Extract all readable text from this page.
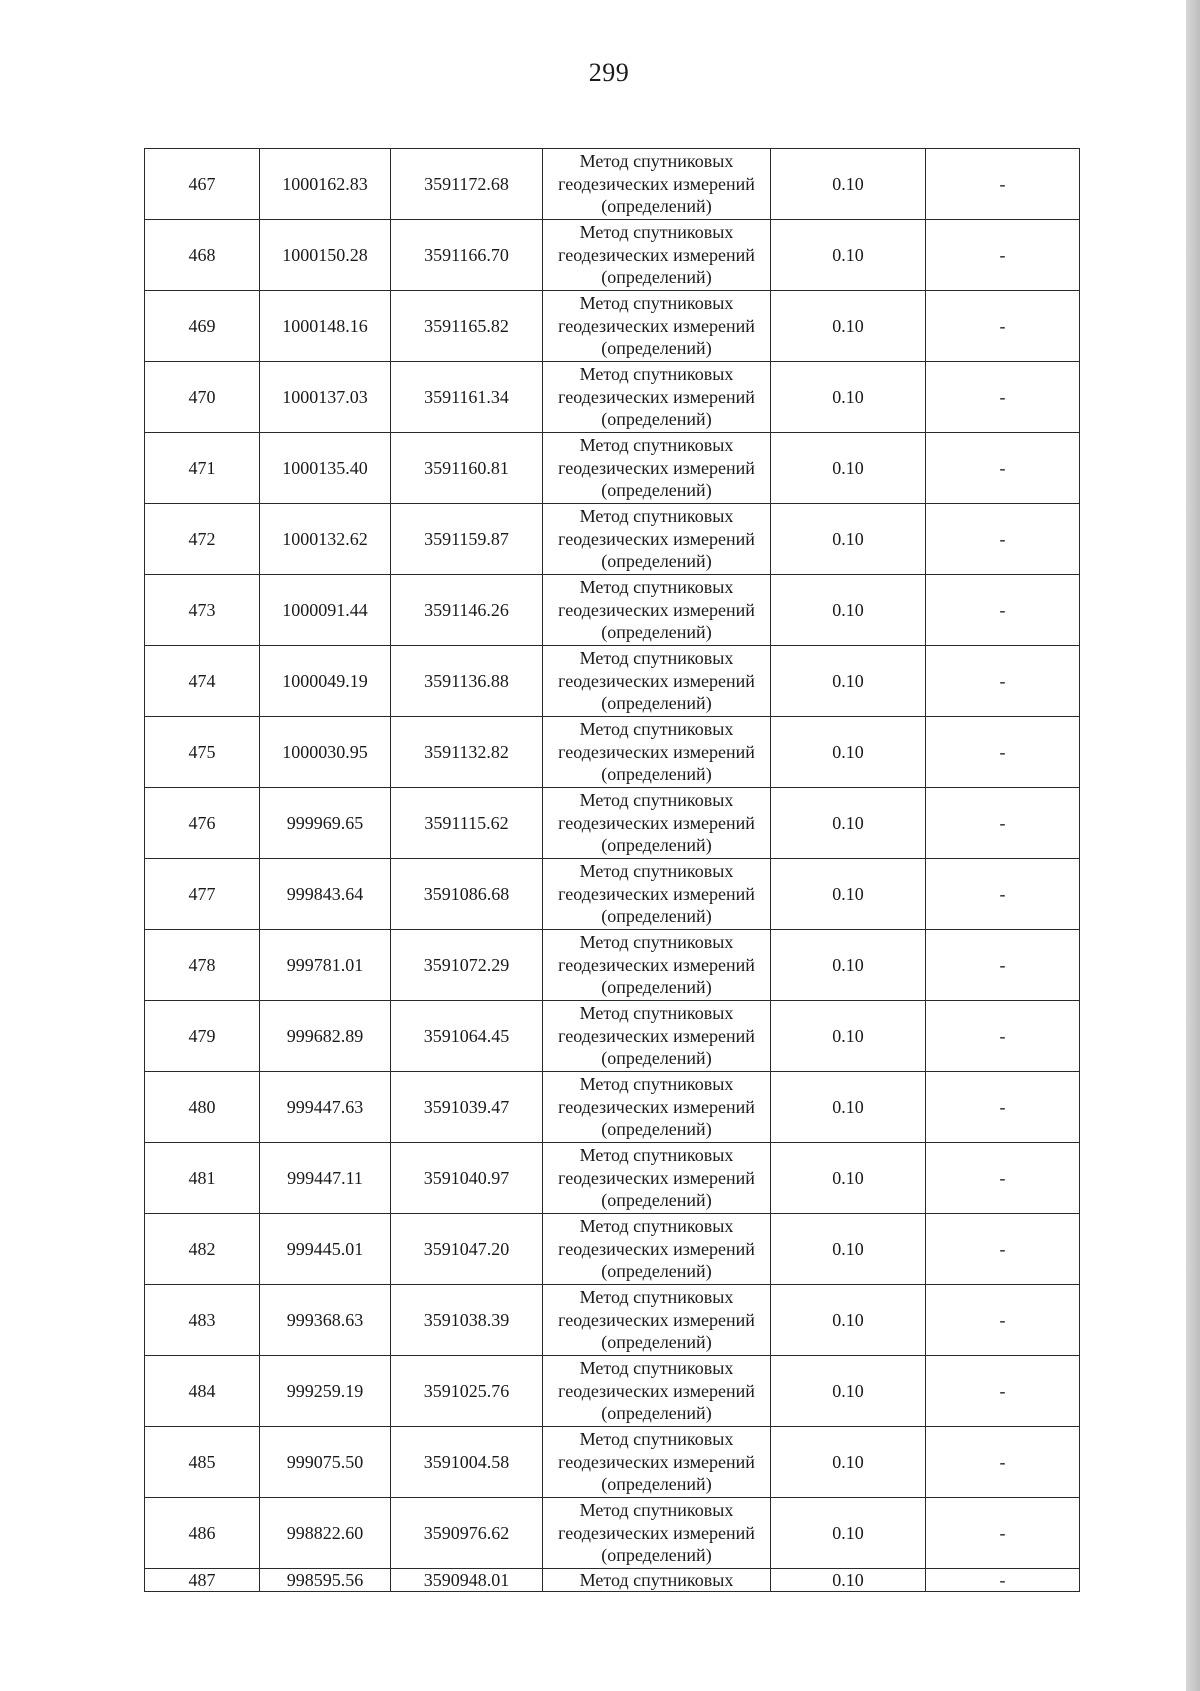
299
467	1000162.83	3591172.68	Метод спутниковых
геодезических измерений
(определений)	0.10	-
468	1000150.28	3591166.70	Метод спутниковых
геодезических измерений
(определений)	0.10	-
469	1000148.16	3591165.82	Метод спутниковых
геодезических измерений
(определений)	0.10	-
470	1000137.03	3591161.34	Метод спутниковых
геодезических измерений
(определений)	0.10	-
471	1000135.40	3591160.81	Метод спутниковых
геодезических измерений
(определений)	0.10	-
472	1000132.62	3591159.87	Метод спутниковых
геодезических измерений
(определений)	0.10	-
473	1000091.44	3591146.26	Метод спутниковых
геодезических измерений
(определений)	0.10	-
474	1000049.19	3591136.88	Метод спутниковых
геодезических измерений
(определений)	0.10	-
475	1000030.95	3591132.82	Метод спутниковых
геодезических измерений
(определений)	0.10	-
476	999969.65	3591115.62	Метод спутниковых
геодезических измерений
(определений)	0.10	-
477	999843.64	3591086.68	Метод спутниковых
геодезических измерений
(определений)	0.10	-
478	999781.01	3591072.29	Метод спутниковых
геодезических измерений
(определений)	0.10	-
479	999682.89	3591064.45	Метод спутниковых
геодезических измерений
(определений)	0.10	-
480	999447.63	3591039.47	Метод спутниковых
геодезических измерений
(определений)	0.10	-
481	999447.11	3591040.97	Метод спутниковых
геодезических измерений
(определений)	0.10	-
482	999445.01	3591047.20	Метод спутниковых
геодезических измерений
(определений)	0.10	-
483	999368.63	3591038.39	Метод спутниковых
геодезических измерений
(определений)	0.10	-
484	999259.19	3591025.76	Метод спутниковых
геодезических измерений
(определений)	0.10	-
485	999075.50	3591004.58	Метод спутниковых
геодезических измерений
(определений)	0.10	-
486	998822.60	3590976.62	Метод спутниковых
геодезических измерений
(определений)	0.10	-
487	998595.56	3590948.01	Метод спутниковых	0.10	-
